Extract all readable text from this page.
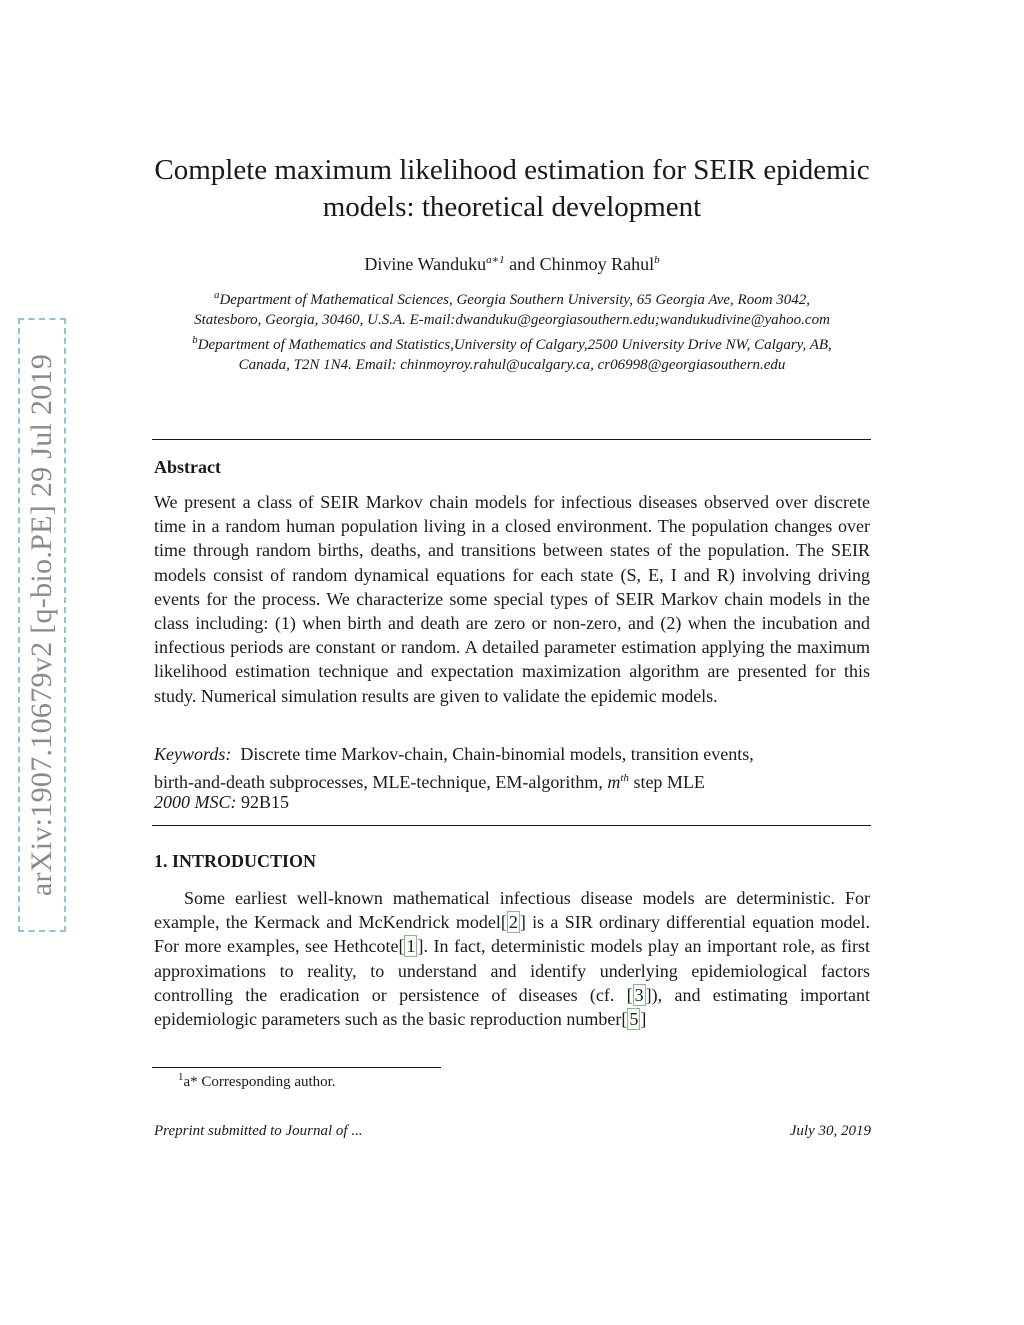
arXiv:1907.10679v2 [q-bio.PE] 29 Jul 2019
Complete maximum likelihood estimation for SEIR epidemic
models: theoretical development
Divine Wanduku$^{a∗1}$ and Chinmoy Rahul$^b$
$^a$Department of Mathematical Sciences, Georgia Southern University, 65 Georgia Ave, Room 3042,
Statesboro, Georgia, 30460, U.S.A. E-mail:dwanduku@georgiasouthern.edu;wandukudivine@yahoo.com
$^b$Department of Mathematics and Statistics,University of Calgary,2500 University Drive NW, Calgary, AB,
Canada, T2N 1N4. Email: chinmoyroy.rahul@ucalgary.ca, cr06998@georgiasouthern.edu
Abstract
We present a class of SEIR Markov chain models for infectious diseases observed over discrete time in a random human population living in a closed environment. The population changes over time through random births, deaths, and transitions between states of the population. The SEIR models consist of random dynamical equations for each state (S, E, I and R) involving driving events for the process. We characterize some special types of SEIR Markov chain models in the class including: (1) when birth and death are zero or non-zero, and (2) when the incubation and infectious periods are constant or random. A detailed parameter estimation applying the maximum likelihood estimation technique and expectation maximization algorithm are presented for this study. Numerical simulation results are given to validate the epidemic models.
Keywords: Discrete time Markov-chain, Chain-binomial models, transition events,
birth-and-death subprocesses, MLE-technique, EM-algorithm, $m^{th}$ step MLE
2000 MSC: 92B15
1. INTRODUCTION
Some earliest well-known mathematical infectious disease models are deterministic. For example, the Kermack and McKendrick model[ 2 ] is a SIR ordinary differential equation model. For more examples, see Hethcote[ 1 ]. In fact, deterministic models play an important role, as first approximations to reality, to understand and identify underlying epidemiological factors controlling the eradication or persistence of diseases (cf. [ 3 ]), and estimating important epidemiologic parameters such as the basic reproduction number[ 5 ]
$^1$a* Corresponding author.
Preprint submitted to Journal of ...	July 30, 2019
